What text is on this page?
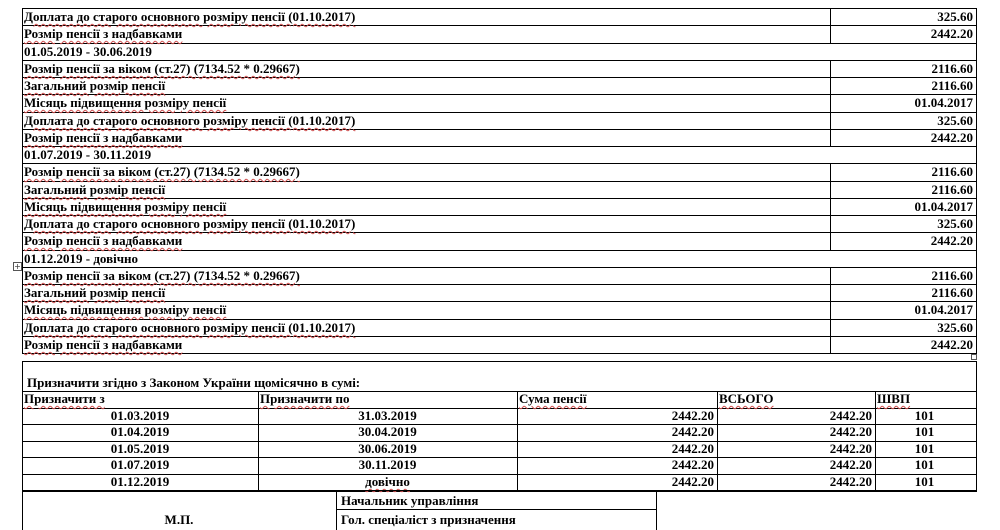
Доплата до старого основного розміру пенсії (01.10.2017)	325.60
Розмір пенсії з надбавками	2442.20
01.05.2019 - 30.06.2019
Розмір пенсії за віком (ст.27) (7134.52 * 0.29667)	2116.60
Загальний розмір пенсії	2116.60
Місяць підвищення розміру пенсії	01.04.2017
Доплата до старого основного розміру пенсії (01.10.2017)	325.60
Розмір пенсії з надбавками	2442.20
01.07.2019 - 30.11.2019
Розмір пенсії за віком (ст.27) (7134.52 * 0.29667)	2116.60
Загальний розмір пенсії	2116.60
Місяць підвищення розміру пенсії	01.04.2017
Доплата до старого основного розміру пенсії (01.10.2017)	325.60
Розмір пенсії з надбавками	2442.20
01.12.2019 - довічно
Розмір пенсії за віком (ст.27) (7134.52 * 0.29667)	2116.60
Загальний розмір пенсії	2116.60
Місяць підвищення розміру пенсії	01.04.2017
Доплата до старого основного розміру пенсії (01.10.2017)	325.60
Розмір пенсії з надбавками	2442.20
+
Призначити згідно з Законом України щомісячно в сумі:
Призначити з	Призначити по	Сума пенсії	ВСЬОГО	ШВП
01.03.2019	31.03.2019	2442.20	2442.20	101
01.04.2019	30.04.2019	2442.20	2442.20	101
01.05.2019	30.06.2019	2442.20	2442.20	101
01.07.2019	30.11.2019	2442.20	2442.20	101
01.12.2019	довічно	2442.20	2442.20	101
Начальник управління
Гол. спеціаліст з призначення
М.П.
